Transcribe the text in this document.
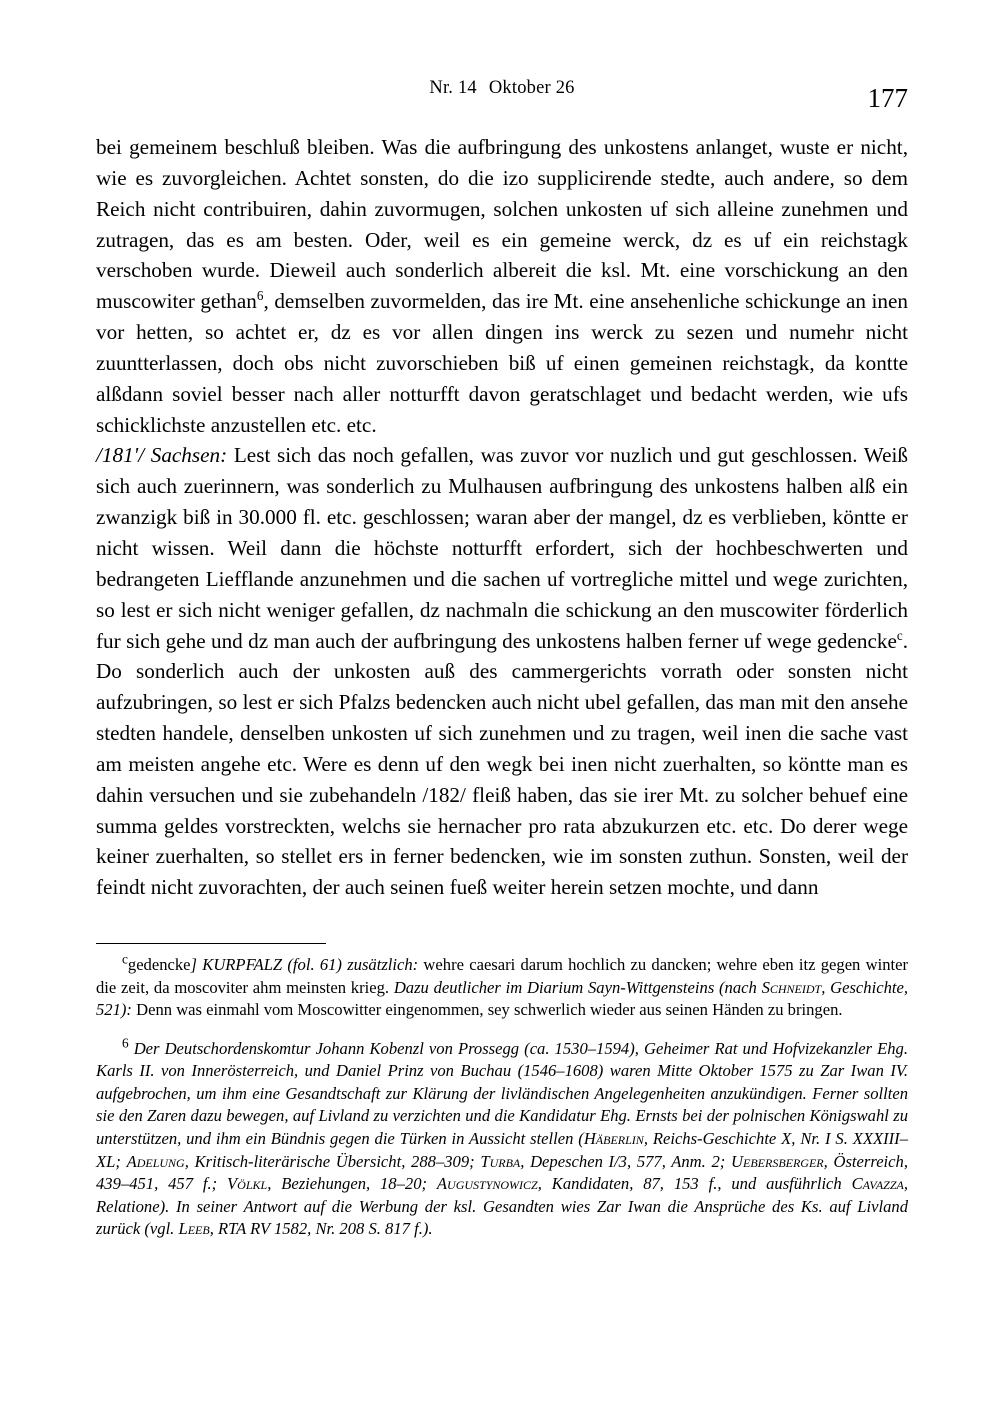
Nr. 14 Oktober 26	177

bei gemeinem beschluß bleiben. Was die aufbringung des unkostens anlanget, wuste er nicht, wie es zuvorgleichen. Achtet sonsten, do die izo supplicirende stedte, auch andere, so dem Reich nicht contribuiren, dahin zuvormugen, solchen unkosten uf sich alleine zunehmen und zutragen, das es am besten. Oder, weil es ein gemeine werck, dz es uf ein reichstagk verschoben wurde. Dieweil auch sonderlich albereit die ksl. Mt. eine vorschickung an den muscowiter gethan$^6$, demselben zuvormelden, das ire Mt. eine ansehenliche schickunge an inen vor hetten, so achtet er, dz es vor allen dingen ins werck zu sezen und numehr nicht zuuntterlassen, doch obs nicht zuvorschieben biß uf einen gemeinen reichstagk, da kontte alßdann soviel besser nach aller notturfft davon geratschlaget und bedacht werden, wie ufs schicklichste anzustellen etc. etc.

/181ʹ/ Sachsen: Lest sich das noch gefallen, was zuvor vor nuzlich und gut geschlossen. Weiß sich auch zuerinnern, was sonderlich zu Mulhausen aufbringung des unkostens halben alß ein zwanzigk biß in 30.000 fl. etc. geschlossen; waran aber der mangel, dz es verblieben, köntte er nicht wissen. Weil dann die höchste notturfft erfordert, sich der hochbeschwerten und bedrangeten Liefflande anzunehmen und die sachen uf vortregliche mittel und wege zurichten, so lest er sich nicht weniger gefallen, dz nachmaln die schickung an den muscowiter förderlich fur sich gehe und dz man auch der aufbringung des unkostens halben ferner uf wege gedencke$^c$. Do sonderlich auch der unkosten auß des cammergerichts vorrath oder sonsten nicht aufzubringen, so lest er sich Pfalzs bedencken auch nicht ubel gefallen, das man mit den ansehe stedten handele, denselben unkosten uf sich zunehmen und zu tragen, weil inen die sache vast am meisten angehe etc. Were es denn uf den wegk bei inen nicht zuerhalten, so köntte man es dahin versuchen und sie zubehandeln /182/ fleiß haben, das sie irer Mt. zu solcher behuef eine summa geldes vorstreckten, welchs sie hernacher pro rata abzukurzen etc. etc. Do derer wege keiner zuerhalten, so stellet ers in ferner bedencken, wie im sonsten zuthun. Sonsten, weil der feindt nicht zuvorachten, der auch seinen fueß weiter herein setzen mochte, und dann

$^c$gedencke] KURPFALZ (fol. 61) zusätzlich: wehre caesari darum hochlich zu dancken; wehre eben itz gegen winter die zeit, da moscoviter ahm meinsten krieg. Dazu deutlicher im Diarium Sayn-Wittgensteins (nach Schneidt, Geschichte, 521): Denn was einmahl vom Moscowitter eingenommen, sey schwerlich wieder aus seinen Händen zu bringen.
$^6$ Der Deutschordenskomtur Johann Kobenzl von Prossegg (ca. 1530–1594), Geheimer Rat und Hofvizekanzler Ehg. Karls II. von Innerösterreich, und Daniel Prinz von Buchau (1546–1608) waren Mitte Oktober 1575 zu Zar Iwan IV. aufgebrochen, um ihm eine Gesandtschaft zur Klärung der livländischen Angelegenheiten anzukündigen. Ferner sollten sie den Zaren dazu bewegen, auf Livland zu verzichten und die Kandidatur Ehg. Ernsts bei der polnischen Königswahl zu unterstützen, und ihm ein Bündnis gegen die Türken in Aussicht stellen (Häberlin, Reichs-Geschichte X, Nr. I S. XXXIII–XL; Adelung, Kritisch-literärische Übersicht, 288–309; Turba, Depeschen I/3, 577, Anm. 2; Uebersberger, Österreich, 439–451, 457 f.; Völkl, Beziehungen, 18–20; Augustynowicz, Kandidaten, 87, 153 f., und ausführlich Cavazza, Relatione). In seiner Antwort auf die Werbung der ksl. Gesandten wies Zar Iwan die Ansprüche des Ks. auf Livland zurück (vgl. Leeb, RTA RV 1582, Nr. 208 S. 817 f.).
